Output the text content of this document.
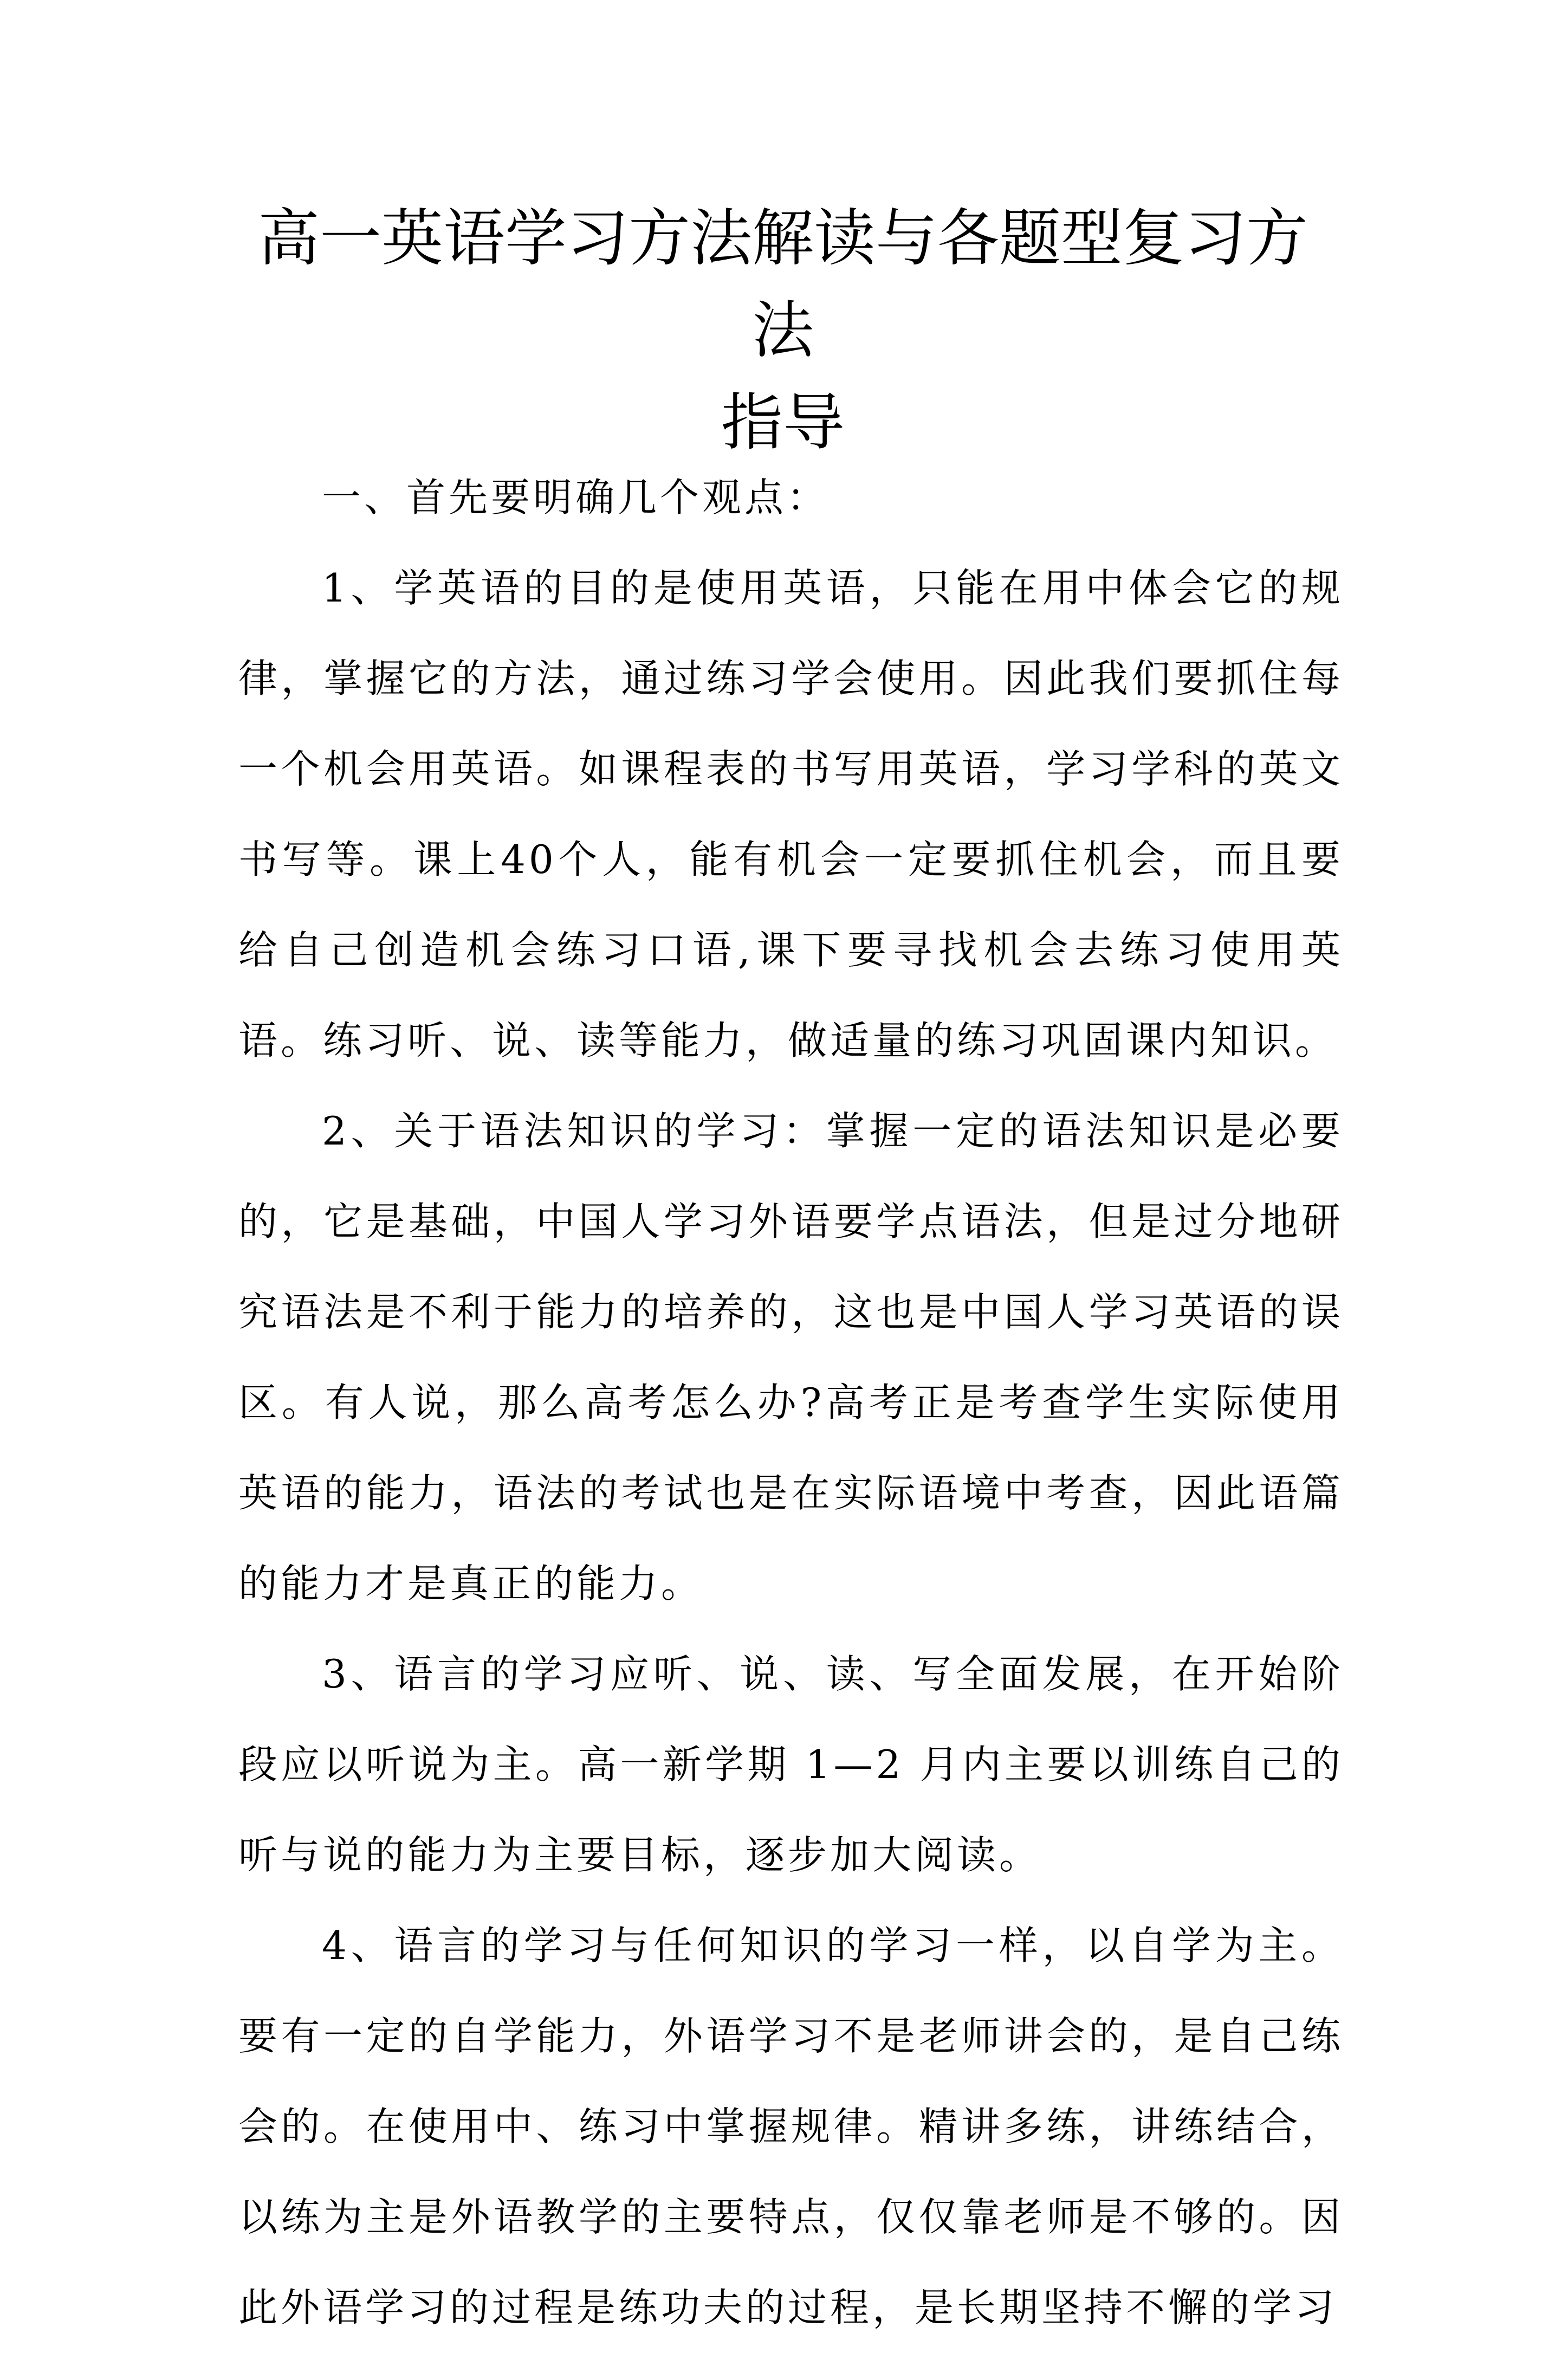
高一英语学习方法解读与各题型复习方法
指导

一、首先要明确几个观点：

1、学英语的目的是使用英语，只能在用中体会它的规律，掌握它的方法，通过练习学会使用。因此我们要抓住每一个机会用英语。如课程表的书写用英语，学习学科的英文书写等。课上40个人，能有机会一定要抓住机会，而且要给自己创造机会练习口语,课下要寻找机会去练习使用英语。练习听、说、读等能力，做适量的练习巩固课内知识。

2、关于语法知识的学习：掌握一定的语法知识是必要的，它是基础，中国人学习外语要学点语法，但是过分地研究语法是不利于能力的培养的，这也是中国人学习英语的误区。有人说，那么高考怎么办?高考正是考查学生实际使用英语的能力，语法的考试也是在实际语境中考查，因此语篇的能力才是真正的能力。

3、语言的学习应听、说、读、写全面发展，在开始阶段应以听说为主。高一新学期 1—2 月内主要以训练自己的听与说的能力为主要目标，逐步加大阅读。

4、语言的学习与任何知识的学习一样，以自学为主。要有一定的自学能力，外语学习不是老师讲会的，是自己练会的。在使用中、练习中掌握规律。精讲多练，讲练结合，以练为主是外语教学的主要特点，仅仅靠老师是不够的。因此外语学习的过程是练功夫的过程，是长期坚持不懈的学习
